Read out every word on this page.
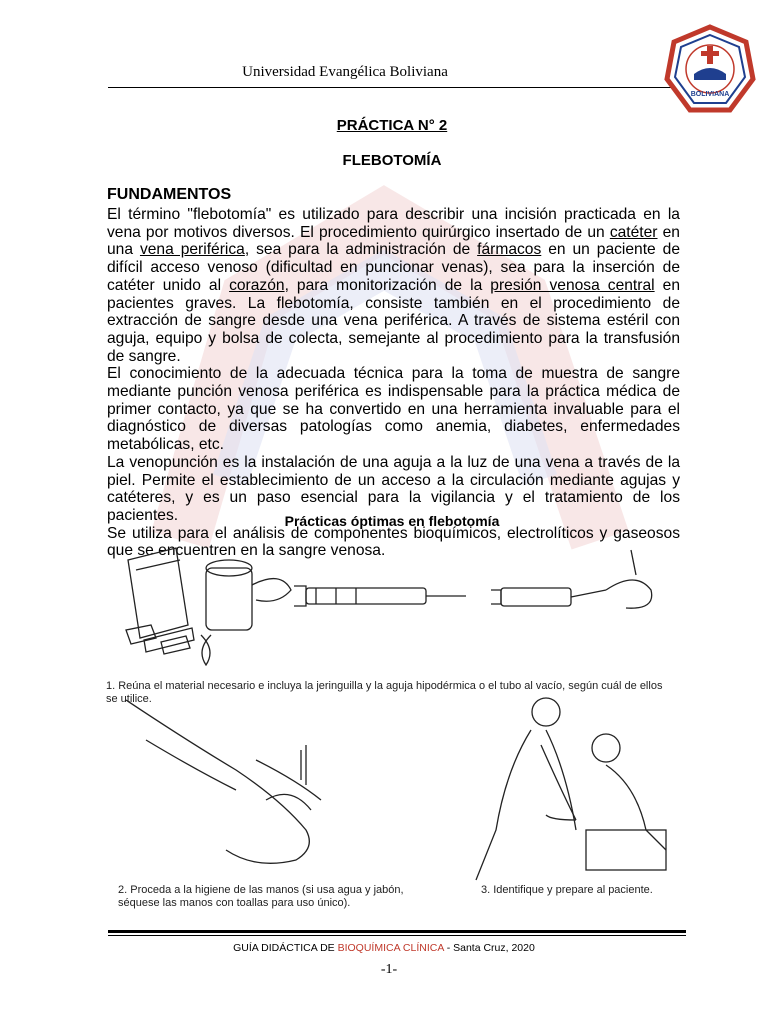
Universidad Evangélica Boliviana
BOLIVIANA
PRÁCTICA N° 2
FLEBOTOMÍA
FUNDAMENTOS

El término "flebotomía" es utilizado para describir una incisión practicada en la vena por motivos diversos. El procedimiento quirúrgico insertado de un catéter en una vena periférica, sea para la administración de fármacos en un paciente de difícil acceso venoso (dificultad en puncionar venas), sea para la inserción de catéter unido al corazón, para monitorización de la presión venosa central en pacientes graves. La flebotomía, consiste también en el procedimiento de extracción de sangre desde una vena periférica. A través de sistema estéril con aguja, equipo y bolsa de colecta, semejante al procedimiento para la transfusión de sangre.

El conocimiento de la adecuada técnica para la toma de muestra de sangre mediante punción venosa periférica es indispensable para la práctica médica de primer contacto, ya que se ha convertido en una herramienta invaluable para el diagnóstico de diversas patologías como anemia, diabetes, enfermedades metabólicas, etc.

La venopunción es la instalación de una aguja a la luz de una vena a través de la piel. Permite el establecimiento de un acceso a la circulación mediante agujas y catéteres, y es un paso esencial para la vigilancia y el tratamiento de los pacientes.

Se utiliza para el análisis de componentes bioquímicos, electrolíticos y gaseosos que se encuentren en la sangre venosa.

Prácticas óptimas en flebotomía
1. Reúna el material necesario e incluya la jeringuilla y la aguja hipodérmica o el tubo al vacío, según cuál de ellos se utilice.
2. Proceda a la higiene de las manos (si usa agua y jabón, séquese las manos con toallas para uso único).
3. Identifique y prepare al paciente.
GUÍA DIDÁCTICA DE BIOQUÍMICA CLÍNICA - Santa Cruz, 2020
-1-
